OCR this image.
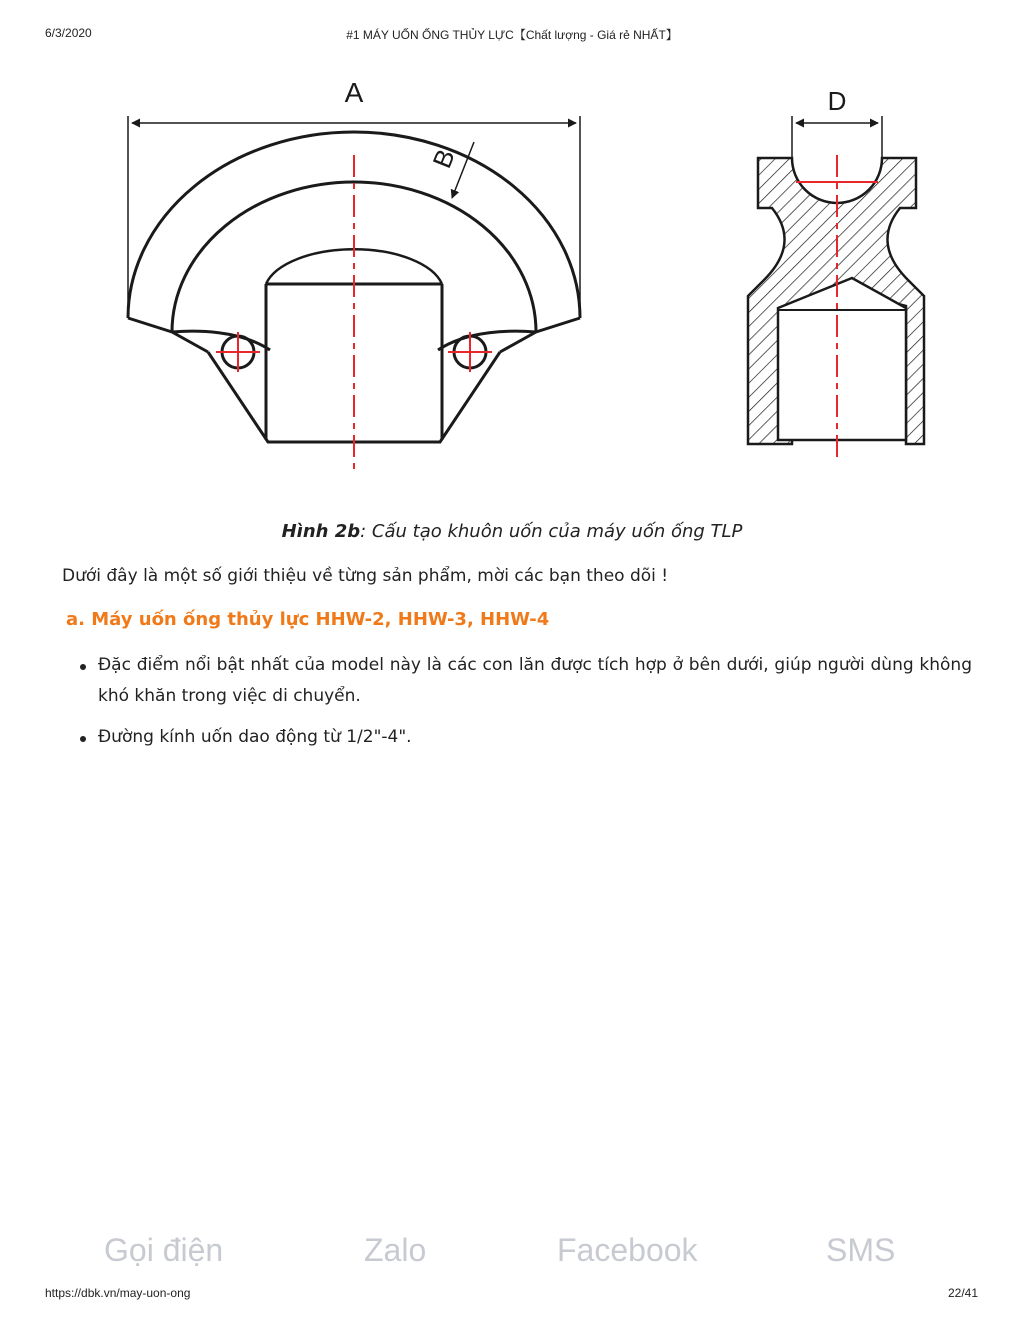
6/3/2020	#1 MÁY UỐN ỐNG THỦY LỰC【Chất lượng - Giá rẻ NHẤT】
A
B
D
Hình 2b: Cấu tạo khuôn uốn của máy uốn ống TLP
Dưới đây là một số giới thiệu về từng sản phẩm, mời các bạn theo dõi !
a. Máy uốn ống thủy lực HHW-2, HHW-3, HHW-4
Đặc điểm nổi bật nhất của model này là các con lăn được tích hợp ở bên dưới, giúp người dùng không khó khăn trong việc di chuyển.
Đường kính uốn dao động từ 1/2"-4".
Gọi điện	Zalo	Facebook	SMS
https://dbk.vn/may-uon-ong	22/41
